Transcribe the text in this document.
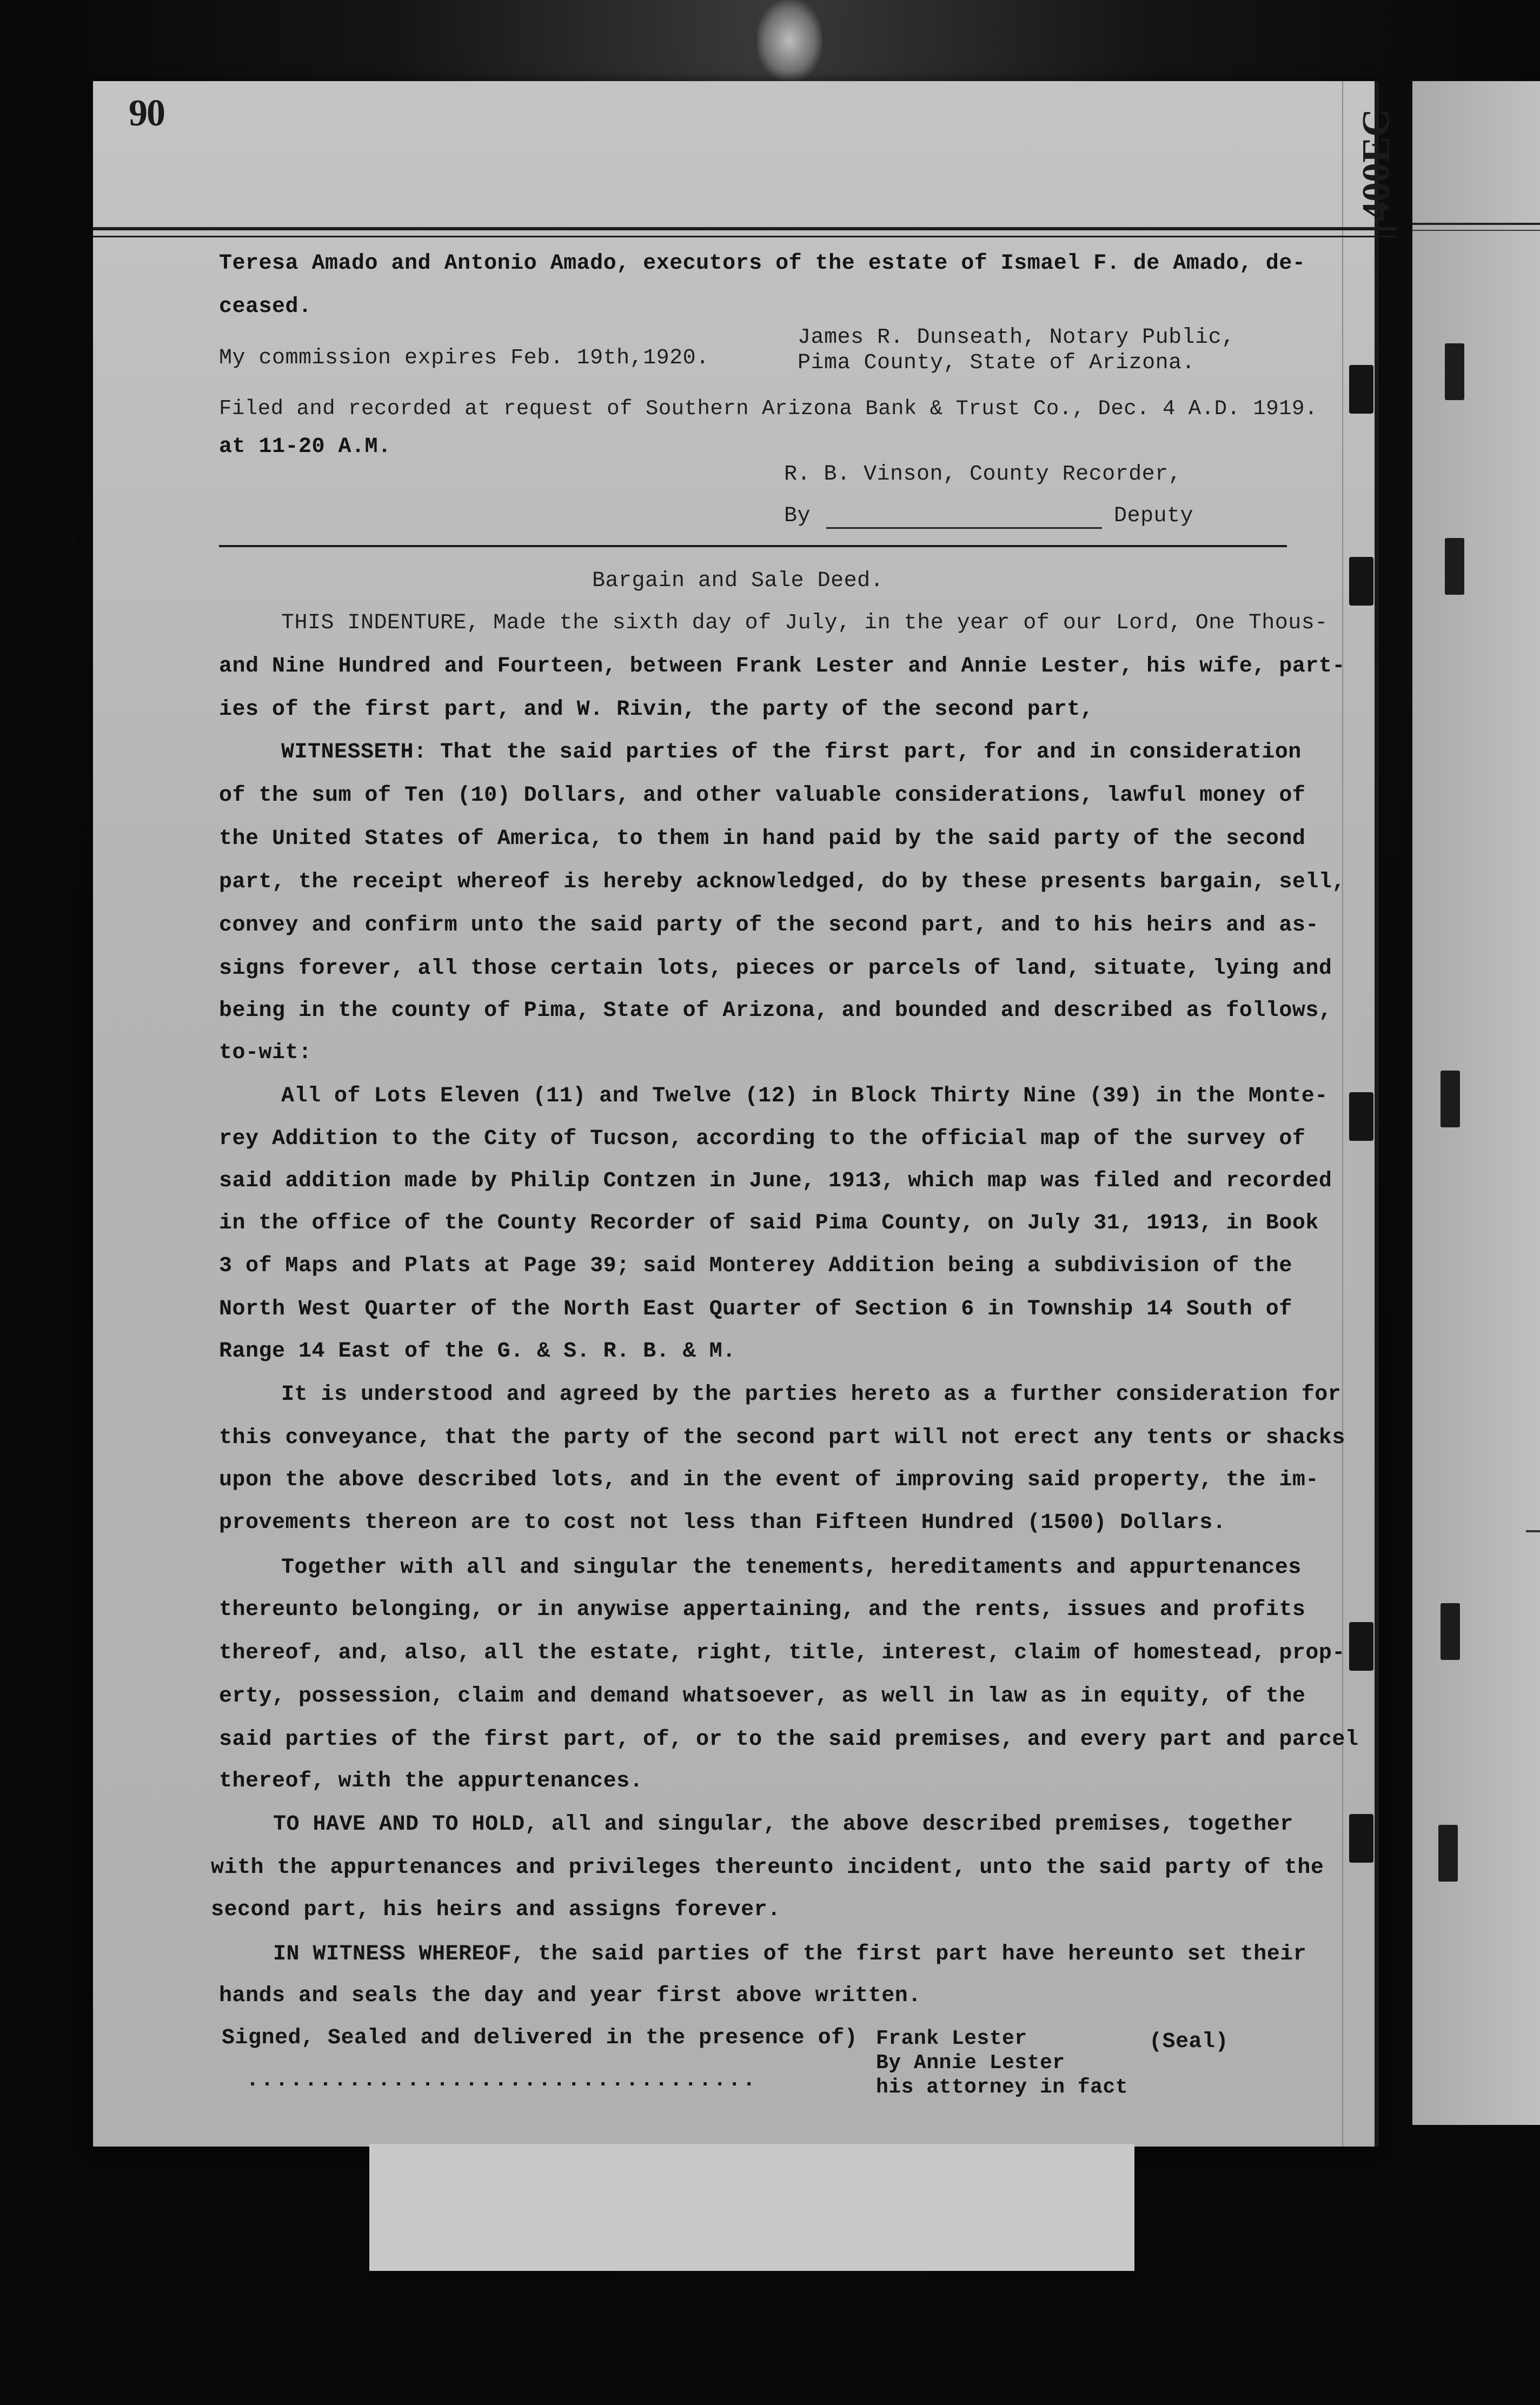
90	400EC
Teresa Amado and Antonio Amado, executors of the estate of Ismael F. de Amado, de-
ceased.
My commission expires Feb. 19th,1920.
James R. Dunseath, Notary Public,
Pima County, State of Arizona.
Filed and recorded at request of Southern Arizona Bank & Trust Co., Dec. 4 A.D. 1919.
at 11-20 A.M.
R. B. Vinson, County Recorder,
By	Deputy
Bargain and Sale Deed.
THIS INDENTURE, Made the sixth day of July, in the year of our Lord, One Thous-
and Nine Hundred and Fourteen, between Frank Lester and Annie Lester, his wife, part-
ies of the first part, and W. Rivin, the party of the second part,
WITNESSETH: That the said parties of the first part, for and in consideration
of the sum of Ten (10) Dollars, and other valuable considerations, lawful money of
the United States of America, to them in hand paid by the said party of the second
part, the receipt whereof is hereby acknowledged, do by these presents bargain, sell,
convey and confirm unto the said party of the second part, and to his heirs and as-
signs forever, all those certain lots, pieces or parcels of land, situate, lying and
being in the county of Pima, State of Arizona, and bounded and described as follows,
to-wit:
All of Lots Eleven (11) and Twelve (12) in Block Thirty Nine (39) in the Monte-
rey Addition to the City of Tucson, according to the official map of the survey of
said addition made by Philip Contzen in June, 1913, which map was filed and recorded
in the office of the County Recorder of said Pima County, on July 31, 1913, in Book
3 of Maps and Plats at Page 39; said Monterey Addition being a subdivision of the
North West Quarter of the North East Quarter of Section 6 in Township 14 South of
Range 14 East of the G. & S. R. B. & M.
It is understood and agreed by the parties hereto as a further consideration for
this conveyance, that the party of the second part will not erect any tents or shacks
upon the above described lots, and in the event of improving said property, the im-
provements thereon are to cost not less than Fifteen Hundred (1500) Dollars.
Together with all and singular the tenements, hereditaments and appurtenances
thereunto belonging, or in anywise appertaining, and the rents, issues and profits
thereof, and, also, all the estate, right, title, interest, claim of homestead, prop-
erty, possession, claim and demand whatsoever, as well in law as in equity, of the
said parties of the first part, of, or to the said premises, and every part and parcel
thereof, with the appurtenances.
TO HAVE AND TO HOLD, all and singular, the above described premises, together
with the appurtenances and privileges thereunto incident, unto the said party of the
second part, his heirs and assigns forever.
IN WITNESS WHEREOF, the said parties of the first part have hereunto set their
hands and seals the day and year first above written.
Signed, Sealed and delivered in the presence of)
...................................
Frank Lester
By Annie Lester
his attorney in fact
(Seal)
